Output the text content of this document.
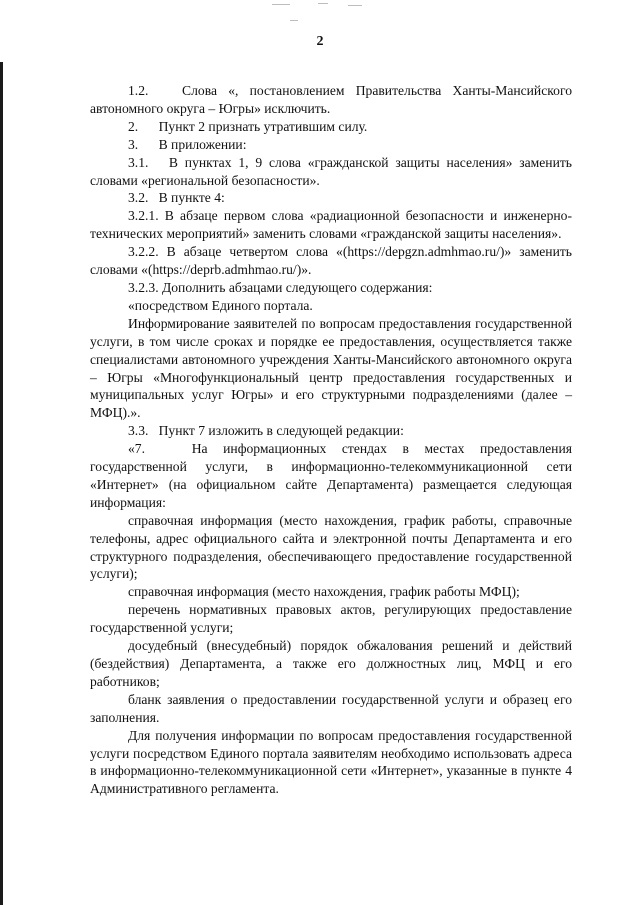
2

1.2.   Слова «, постановлением Правительства Ханты-Мансийского автономного округа – Югры» исключить.

2.      Пункт 2 признать утратившим силу.

3.      В приложении:

3.1.   В пунктах 1, 9 слова «гражданской защиты населения» заменить словами «региональной безопасности».

3.2.   В пункте 4:

3.2.1. В абзаце первом слова «радиационной безопасности и инженерно-технических мероприятий» заменить словами «гражданской защиты населения».

3.2.2. В абзаце четвертом слова «(https://depgzn.admhmao.ru/)» заменить словами «(https://deprb.admhmao.ru/)».

3.2.3. Дополнить абзацами следующего содержания:

«посредством Единого портала.

Информирование заявителей по вопросам предоставления государственной услуги, в том числе сроках и порядке ее предоставления, осуществляется также специалистами автономного учреждения Ханты-Мансийского автономного округа – Югры «Многофункциональный центр предоставления государственных и муниципальных услуг Югры» и его структурными подразделениями (далее – МФЦ).».

3.3.   Пункт 7 изложить в следующей редакции:

«7.   На информационных стендах в местах предоставления государственной услуги, в информационно-телекоммуникационной сети «Интернет» (на официальном сайте Департамента) размещается следующая информация:

справочная информация (место нахождения, график работы, справочные телефоны, адрес официального сайта и электронной почты Департамента и его структурного подразделения, обеспечивающего предоставление государственной услуги);

справочная информация (место нахождения, график работы МФЦ);

перечень нормативных правовых актов, регулирующих предоставление государственной услуги;

досудебный (внесудебный) порядок обжалования решений и действий (бездействия) Департамента, а также его должностных лиц, МФЦ и его работников;

бланк заявления о предоставлении государственной услуги и образец его заполнения.

Для получения информации по вопросам предоставления государственной услуги посредством Единого портала заявителям необходимо использовать адреса в информационно-телекоммуникационной сети «Интернет», указанные в пункте 4 Административного регламента.
